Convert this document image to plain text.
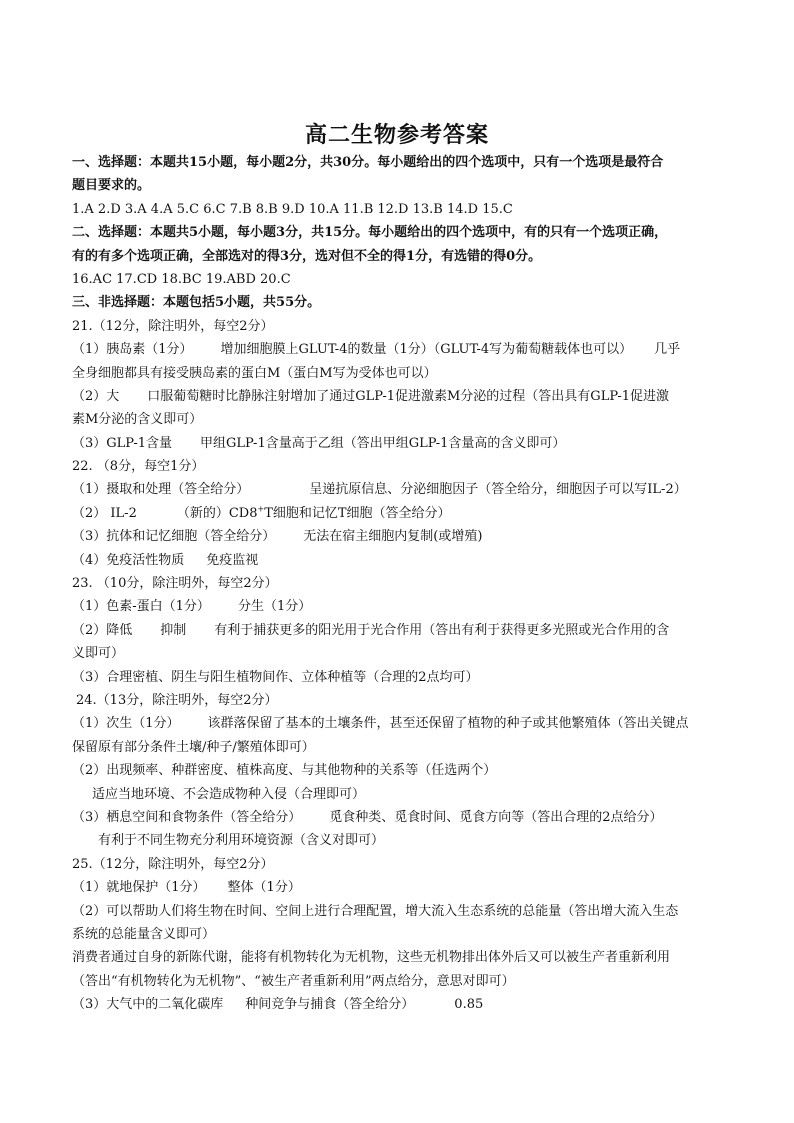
高二生物参考答案
一、选择题：本题共15小题，每小题2分，共30分。每小题给出的四个选项中，只有一个选项是最符合
题目要求的。
1.A 2.D 3.A 4.A 5.C 6.C 7.B 8.B 9.D 10.A 11.B 12.D 13.B 14.D 15.C
二、选择题：本题共5小题，每小题3分，共15分。每小题给出的四个选项中，有的只有一个选项正确，
有的有多个选项正确，全部选对的得3分，选对但不全的得1分，有选错的得0分。
16.AC 17.CD 18.BC 19.ABD 20.C
三、非选择题：本题包括5小题，共55分。
21.（12分，除注明外，每空2分）
（1）胰岛素（1分） 增加细胞膜上GLUT-4的数量（1分）（GLUT-4写为葡萄糖载体也可以） 几乎
全身细胞都具有接受胰岛素的蛋白M（蛋白M写为受体也可以）
（2）大 口服葡萄糖时比静脉注射增加了通过GLP-1促进激素M分泌的过程（答出具有GLP-1促进激
素M分泌的含义即可）
（3）GLP-1含量 甲组GLP-1含量高于乙组（答出甲组GLP-1含量高的含义即可）
22. （8分，每空1分）
（1）摄取和处理（答全给分）	呈递抗原信息、分泌细胞因子（答全给分，细胞因子可以写IL-2）
（2） IL-2	（新的）CD8+T细胞和记忆T细胞（答全给分）
（3）抗体和记忆细胞（答全给分） 无法在宿主细胞内复制(或增殖)
（4）免疫活性物质 免疫监视
23. （10分，除注明外，每空2分）
（1）色素-蛋白（1分） 分生（1分）
（2）降低 抑制 有利于捕获更多的阳光用于光合作用（答出有利于获得更多光照或光合作用的含
义即可）
（3）合理密植、阴生与阳生植物间作、立体种植等（合理的2点均可）
24.（13分，除注明外，每空2分）
（1）次生（1分） 该群落保留了基本的土壤条件，甚至还保留了植物的种子或其他繁殖体（答出关键点
保留原有部分条件土壤/种子/繁殖体即可）
（2）出现频率、种群密度、植株高度、与其他物种的关系等（任选两个）
适应当地环境、不会造成物种入侵（合理即可）
（3）栖息空间和食物条件（答全给分） 觅食种类、觅食时间、觅食方向等（答出合理的2点给分）
有利于不同生物充分利用环境资源（含义对即可）
25.（12分，除注明外，每空2分）
（1）就地保护（1分） 整体（1分）
（2）可以帮助人们将生物在时间、空间上进行合理配置，增大流入生态系统的总能量（答出增大流入生态
系统的总能量含义即可）
消费者通过自身的新陈代谢，能将有机物转化为无机物，这些无机物排出体外后又可以被生产者重新利用
（答出“有机物转化为无机物”、“被生产者重新利用”两点给分，意思对即可）
（3）大气中的二氧化碳库 种间竞争与捕食（答全给分）	0.85
